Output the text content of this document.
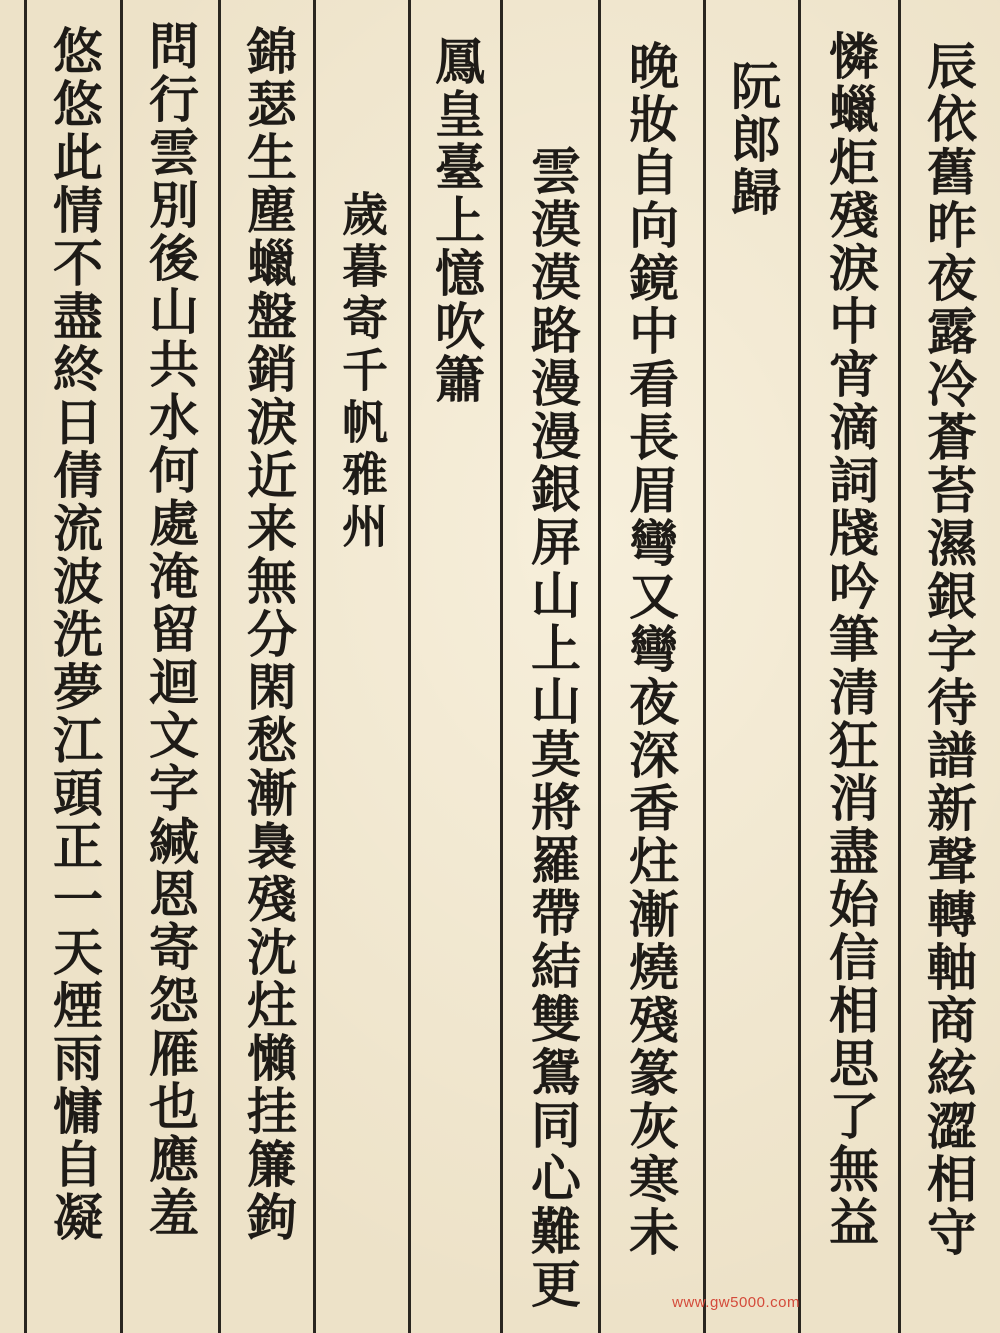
辰依舊昨夜露冷蒼苔濕銀字待譜新聲轉軸商絃澀相守
憐蠟炬殘淚中宵滴詞牋吟筆清狂消盡始信相思了無益
阮郎歸
晚妝自向鏡中看長眉彎又彎夜深香炷漸燒殘篆灰寒未
雲漠漠路漫漫銀屏山上山莫將羅帶結雙鴛同心難更
鳳皇臺上憶吹簫
歲暮寄千帆雅州
錦瑟生塵蠟盤銷淚近来無分閑愁漸裊殘沈炷懶挂簾鉤
問行雲別後山共水何處淹留迴文字緘恩寄怨雁也應羞
悠悠此情不盡終日倩流波洗夢江頭正一天煙雨慵自凝
www.gw5000.com
